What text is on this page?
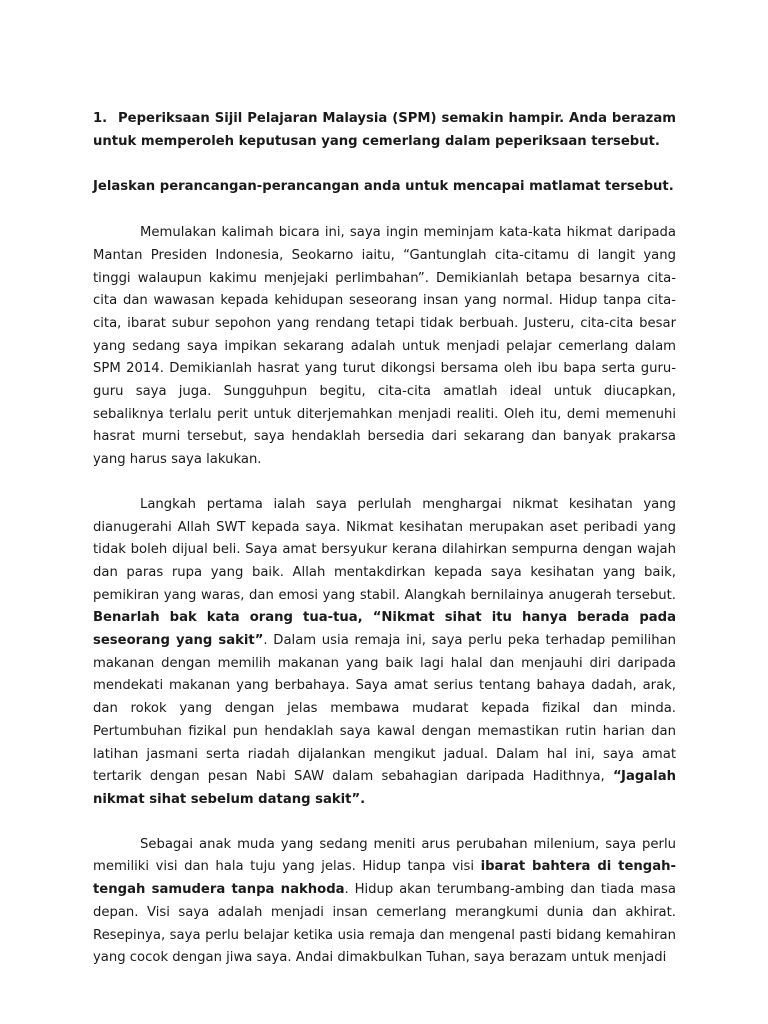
1. Peperiksaan Sijil Pelajaran Malaysia (SPM) semakin hampir. Anda berazam untuk memperoleh keputusan yang cemerlang dalam peperiksaan tersebut.

Jelaskan perancangan-perancangan anda untuk mencapai matlamat tersebut.

Memulakan kalimah bicara ini, saya ingin meminjam kata-kata hikmat daripada Mantan Presiden Indonesia, Seokarno iaitu, “Gantunglah cita-citamu di langit yang tinggi walaupun kakimu menjejaki perlimbahan”. Demikianlah betapa besarnya cita-cita dan wawasan kepada kehidupan seseorang insan yang normal. Hidup tanpa cita-cita, ibarat subur sepohon yang rendang tetapi tidak berbuah. Justeru, cita-cita besar yang sedang saya impikan sekarang adalah untuk menjadi pelajar cemerlang dalam SPM 2014. Demikianlah hasrat yang turut dikongsi bersama oleh ibu bapa serta guru-guru saya juga. Sungguhpun begitu, cita-cita amatlah ideal untuk diucapkan, sebaliknya terlalu perit untuk diterjemahkan menjadi realiti. Oleh itu, demi memenuhi hasrat murni tersebut, saya hendaklah bersedia dari sekarang dan banyak prakarsa yang harus saya lakukan.

Langkah pertama ialah saya perlulah menghargai nikmat kesihatan yang dianugerahi Allah SWT kepada saya. Nikmat kesihatan merupakan aset peribadi yang tidak boleh dijual beli. Saya amat bersyukur kerana dilahirkan sempurna dengan wajah dan paras rupa yang baik. Allah mentakdirkan kepada saya kesihatan yang baik, pemikiran yang waras, dan emosi yang stabil. Alangkah bernilainya anugerah tersebut. Benarlah bak kata orang tua-tua, “Nikmat sihat itu hanya berada pada seseorang yang sakit”. Dalam usia remaja ini, saya perlu peka terhadap pemilihan makanan dengan memilih makanan yang baik lagi halal dan menjauhi diri daripada mendekati makanan yang berbahaya. Saya amat serius tentang bahaya dadah, arak, dan rokok yang dengan jelas membawa mudarat kepada fizikal dan minda. Pertumbuhan fizikal pun hendaklah saya kawal dengan memastikan rutin harian dan latihan jasmani serta riadah dijalankan mengikut jadual. Dalam hal ini, saya amat tertarik dengan pesan Nabi SAW dalam sebahagian daripada Hadithnya, “Jagalah nikmat sihat sebelum datang sakit”.

Sebagai anak muda yang sedang meniti arus perubahan milenium, saya perlu memiliki visi dan hala tuju yang jelas. Hidup tanpa visi ibarat bahtera di tengah-tengah samudera tanpa nakhoda. Hidup akan terumbang-ambing dan tiada masa depan. Visi saya adalah menjadi insan cemerlang merangkumi dunia dan akhirat. Resepinya, saya perlu belajar ketika usia remaja dan mengenal pasti bidang kemahiran yang cocok dengan jiwa saya. Andai dimakbulkan Tuhan, saya berazam untuk menjadi
